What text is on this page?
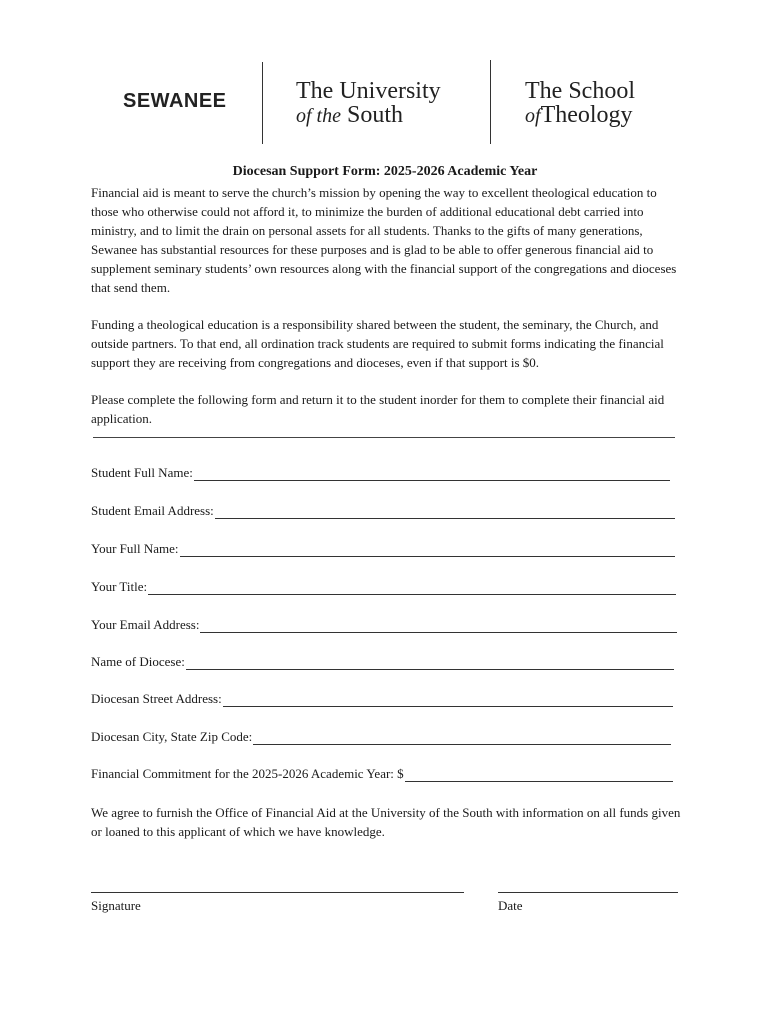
SEWANEE	The University
of the South
The School
ofTheology
Diocesan Support Form: 2025-2026 Academic Year
Financial aid is meant to serve the church’s mission by opening the way to excellent theological education to those who otherwise could not afford it, to minimize the burden of additional educational debt carried into ministry, and to limit the drain on personal assets for all students. Thanks to the gifts of many generations, Sewanee has substantial resources for these purposes and is glad to be able to offer generous financial aid to supplement seminary students’ own resources along with the financial support of the congregations and dioceses that send them.
Funding a theological education is a responsibility shared between the student, the seminary, the Church, and outside partners. To that end, all ordination track students are required to submit forms indicating the financial support they are receiving from congregations and dioceses, even if that support is $0.
Please complete the following form and return it to the student inorder for them to complete their financial aid application.
Student Full Name:
Student Email Address:
Your Full Name:
Your Title:
Your Email Address:
Name of Diocese:
Diocesan Street Address:
Diocesan City, State Zip Code:
Financial Commitment for the 2025-2026 Academic Year: $
We agree to furnish the Office of Financial Aid at the University of the South with information on all funds given or loaned to this applicant of which we have knowledge.
Signature	Date
